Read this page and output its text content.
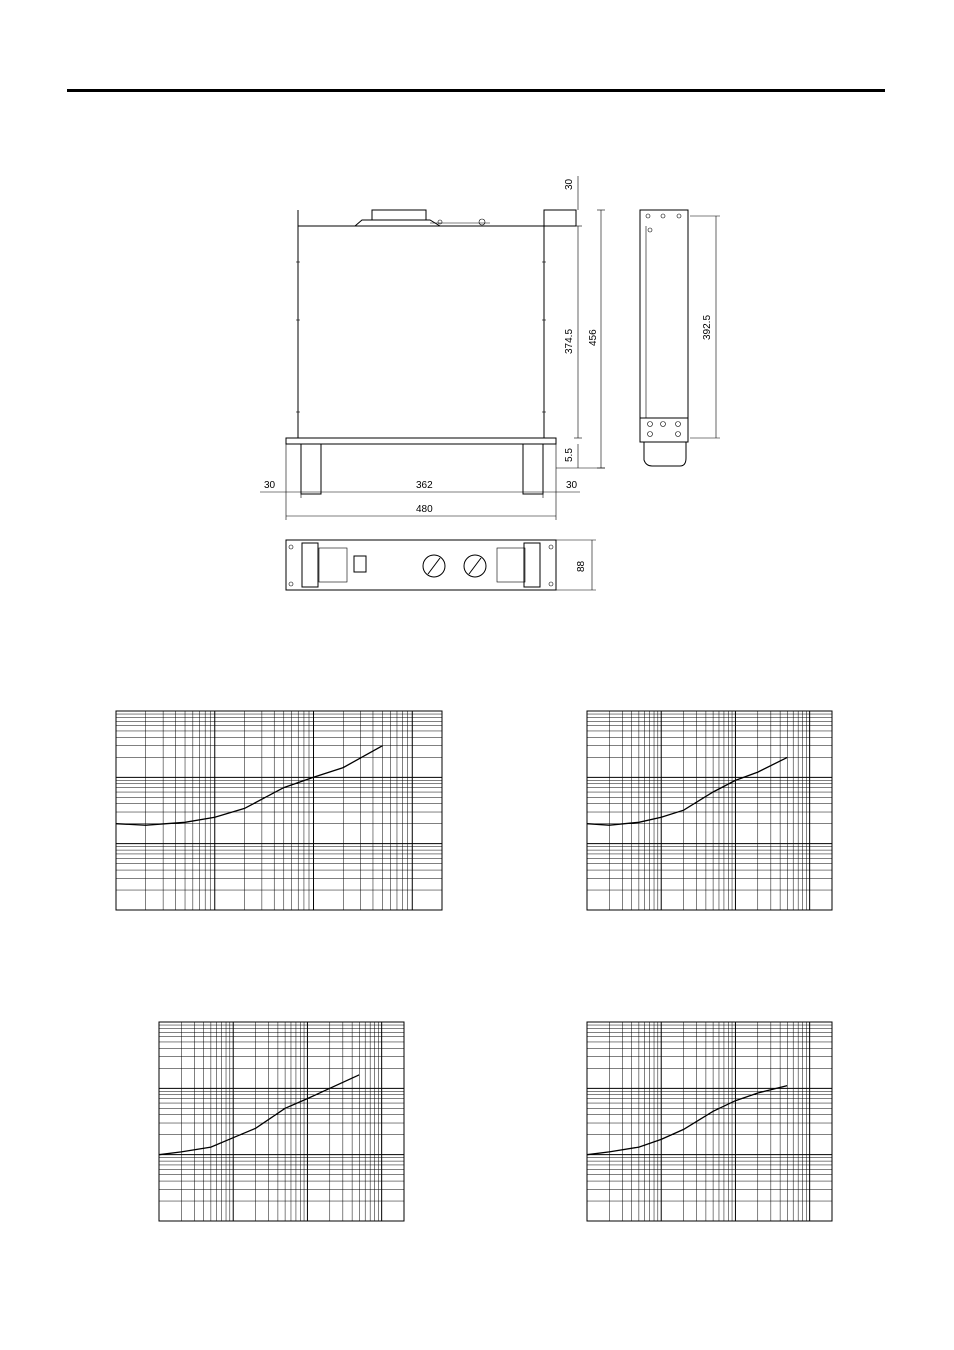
30
374.5 456
5.5
392.5
30	362	30
480
88
